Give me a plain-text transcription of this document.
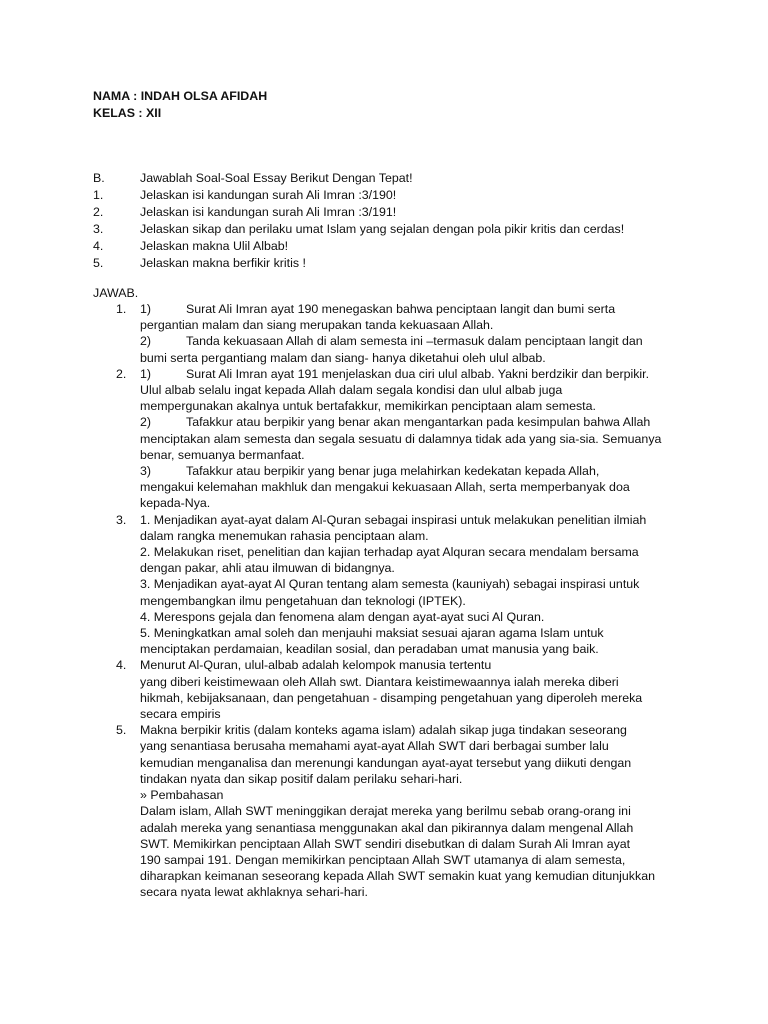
NAMA : INDAH OLSA AFIDAH
KELAS : XII
B.	Jawablah Soal-Soal Essay Berikut Dengan Tepat!
1.	Jelaskan isi kandungan surah Ali Imran :3/190!
2.	Jelaskan isi kandungan surah Ali Imran :3/191!
3.	Jelaskan sikap dan perilaku umat Islam yang sejalan dengan pola pikir kritis dan cerdas!
4.	Jelaskan makna Ulil Albab!
5.	Jelaskan makna berfikir kritis !
JAWAB.
1.	1)	Surat Ali Imran ayat 190 menegaskan bahwa penciptaan langit dan bumi serta
pergantian malam dan siang merupakan tanda kekuasaan Allah.
2)	Tanda kekuasaan Allah di alam semesta ini –termasuk dalam penciptaan langit dan
bumi serta pergantiang malam dan siang- hanya diketahui oleh ulul albab.
2.	1)	Surat Ali Imran ayat 191 menjelaskan dua ciri ulul albab. Yakni berdzikir dan berpikir.
Ulul albab selalu ingat kepada Allah dalam segala kondisi dan ulul albab juga
mempergunakan akalnya untuk bertafakkur, memikirkan penciptaan alam semesta.
2)	Tafakkur atau berpikir yang benar akan mengantarkan pada kesimpulan bahwa Allah
menciptakan alam semesta dan segala sesuatu di dalamnya tidak ada yang sia-sia. Semuanya
benar, semuanya bermanfaat.
3)	Tafakkur atau berpikir yang benar juga melahirkan kedekatan kepada Allah,
mengakui kelemahan makhluk dan mengakui kekuasaan Allah, serta memperbanyak doa
kepada-Nya.
3.	1. Menjadikan ayat-ayat dalam Al-Quran sebagai inspirasi untuk melakukan penelitian ilmiah
dalam rangka menemukan rahasia penciptaan alam.
2. Melakukan riset, penelitian dan kajian terhadap ayat Alquran secara mendalam bersama
dengan pakar, ahli atau ilmuwan di bidangnya.
3. Menjadikan ayat-ayat Al Quran tentang alam semesta (kauniyah) sebagai inspirasi untuk
mengembangkan ilmu pengetahuan dan teknologi (IPTEK).
4. Merespons gejala dan fenomena alam dengan ayat-ayat suci Al Quran.
5. Meningkatkan amal soleh dan menjauhi maksiat sesuai ajaran agama Islam untuk
menciptakan perdamaian, keadilan sosial, dan peradaban umat manusia yang baik.
4.	Menurut Al-Quran, ulul-albab adalah kelompok manusia tertentu
yang diberi keistimewaan oleh Allah swt. Diantara keistimewaannya ialah mereka diberi
hikmah, kebijaksanaan, dan pengetahuan - disamping pengetahuan yang diperoleh mereka
secara empiris
5.	Makna berpikir kritis (dalam konteks agama islam) adalah sikap juga tindakan seseorang
yang senantiasa berusaha memahami ayat-ayat Allah SWT dari berbagai sumber lalu
kemudian menganalisa dan merenungi kandungan ayat-ayat tersebut yang diikuti dengan
tindakan nyata dan sikap positif dalam perilaku sehari-hari.
» Pembahasan
Dalam islam, Allah SWT meninggikan derajat mereka yang berilmu sebab orang-orang ini
adalah mereka yang senantiasa menggunakan akal dan pikirannya dalam mengenal Allah
SWT. Memikirkan penciptaan Allah SWT sendiri disebutkan di dalam Surah Ali Imran ayat
190 sampai 191. Dengan memikirkan penciptaan Allah SWT utamanya di alam semesta,
diharapkan keimanan seseorang kepada Allah SWT semakin kuat yang kemudian ditunjukkan
secara nyata lewat akhlaknya sehari-hari.
